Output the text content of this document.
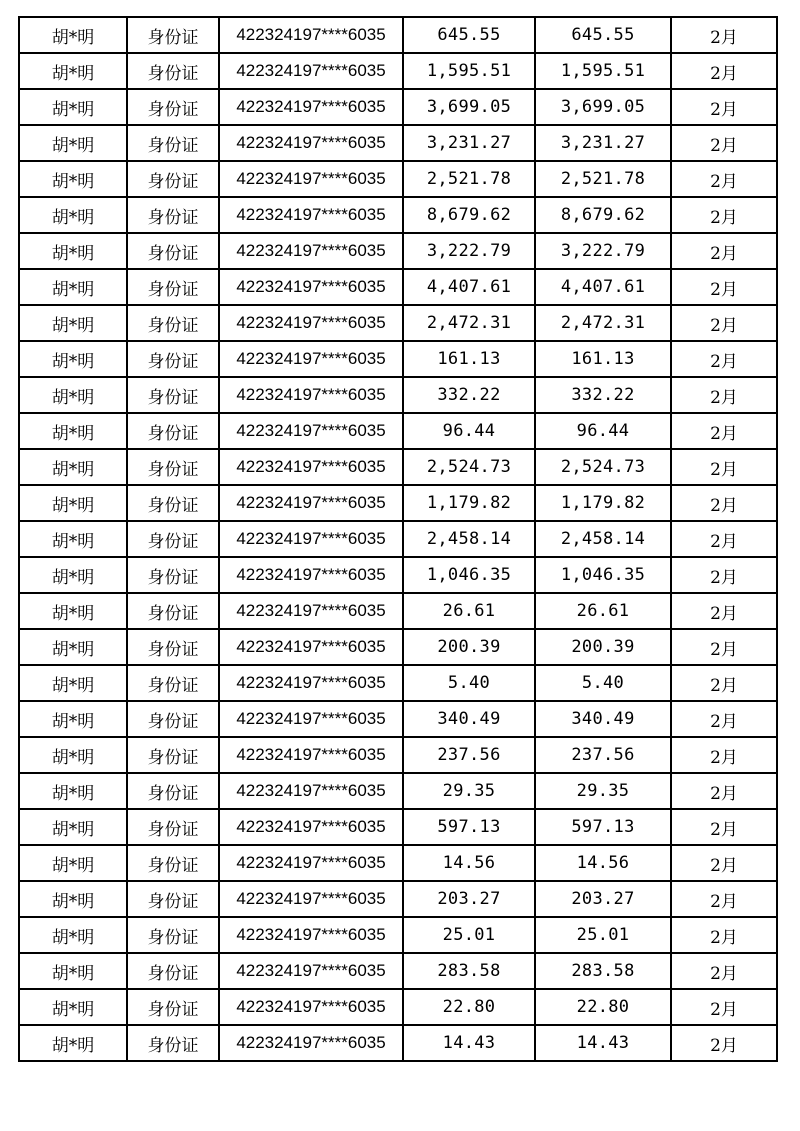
胡*明	身份证	422324197****6035	645.55	645.55	2月
胡*明	身份证	422324197****6035	1,595.51	1,595.51	2月
胡*明	身份证	422324197****6035	3,699.05	3,699.05	2月
胡*明	身份证	422324197****6035	3,231.27	3,231.27	2月
胡*明	身份证	422324197****6035	2,521.78	2,521.78	2月
胡*明	身份证	422324197****6035	8,679.62	8,679.62	2月
胡*明	身份证	422324197****6035	3,222.79	3,222.79	2月
胡*明	身份证	422324197****6035	4,407.61	4,407.61	2月
胡*明	身份证	422324197****6035	2,472.31	2,472.31	2月
胡*明	身份证	422324197****6035	161.13	161.13	2月
胡*明	身份证	422324197****6035	332.22	332.22	2月
胡*明	身份证	422324197****6035	96.44	96.44	2月
胡*明	身份证	422324197****6035	2,524.73	2,524.73	2月
胡*明	身份证	422324197****6035	1,179.82	1,179.82	2月
胡*明	身份证	422324197****6035	2,458.14	2,458.14	2月
胡*明	身份证	422324197****6035	1,046.35	1,046.35	2月
胡*明	身份证	422324197****6035	26.61	26.61	2月
胡*明	身份证	422324197****6035	200.39	200.39	2月
胡*明	身份证	422324197****6035	5.40	5.40	2月
胡*明	身份证	422324197****6035	340.49	340.49	2月
胡*明	身份证	422324197****6035	237.56	237.56	2月
胡*明	身份证	422324197****6035	29.35	29.35	2月
胡*明	身份证	422324197****6035	597.13	597.13	2月
胡*明	身份证	422324197****6035	14.56	14.56	2月
胡*明	身份证	422324197****6035	203.27	203.27	2月
胡*明	身份证	422324197****6035	25.01	25.01	2月
胡*明	身份证	422324197****6035	283.58	283.58	2月
胡*明	身份证	422324197****6035	22.80	22.80	2月
胡*明	身份证	422324197****6035	14.43	14.43	2月
